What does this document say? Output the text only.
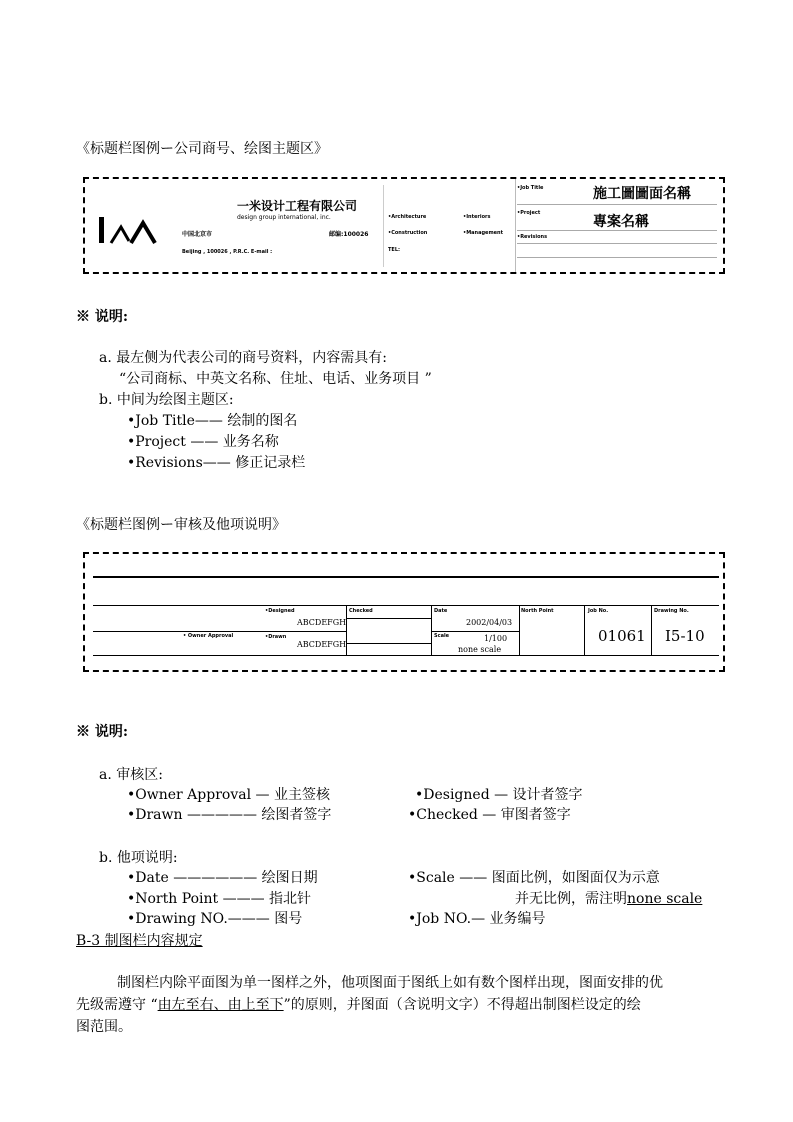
《标题栏图例ー公司商号、绘图主题区》
一米设计工程有限公司
design group international, inc.
中国北京市	邮编:100026
Beijing , 100026 , P.R.C. E-mail :
•Architecture	•Interiors
•Construction	•Management
TEL:
•Job Title	施工圖圖面名稱
•Project
專案名稱
•Revisions
※ 说明:
a. 最左侧为代表公司的商号资料，内容需具有:
“公司商标、中英文名称、住址、电话、业务项目 ”
b. 中间为绘图主题区:
•Job Title—— 绘制的图名
•Project —— 业务名称
•Revisions—— 修正记录栏
《标题栏图例ー审核及他项说明》
•Designed
ABCDEFGH
• Owner Approval	•Drawn
ABCDEFGH
Checked	Date
2002/04/03
Scale	1/100
none scale
North Point	Job No.
01061
Drawing No.
I5-10
※ 说明:
a. 审核区:
•Owner Approval — 业主签核
•Drawn ————— 绘图者签字
•Designed — 设计者签字
•Checked — 审图者签字
b. 他项说明:
•Date —————— 绘图日期
•North Point ——— 指北针
•Drawing NO.——— 图号
•Scale —— 图面比例，如图面仅为示意
并无比例，需注明none scale
•Job NO.— 业务编号
B-3 制图栏内容规定
制图栏内除平面图为单一图样之外，他项图面于图纸上如有数个图样出现，图面安排的优
先级需遵守 “由左至右、由上至下”的原则，并图面（含说明文字）不得超出制图栏设定的绘
图范围。
